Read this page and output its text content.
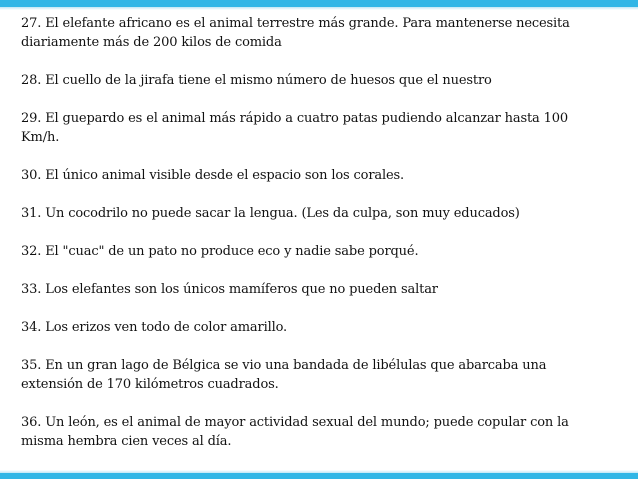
27. El elefante africano es el animal terrestre más grande. Para mantenerse necesita
diariamente más de 200 kilos de comida
28. El cuello de la jirafa tiene el mismo número de huesos que el nuestro
29. El guepardo es el animal más rápido a cuatro patas pudiendo alcanzar hasta 100
Km/h.
30. El único animal visible desde el espacio son los corales.
31. Un cocodrilo no puede sacar la lengua. (Les da culpa, son muy educados)
32. El "cuac" de un pato no produce eco y nadie sabe porqué.
33. Los elefantes son los únicos mamíferos que no pueden saltar
34. Los erizos ven todo de color amarillo.
35. En un gran lago de Bélgica se vio una bandada de libélulas que abarcaba una
extensión de 170 kilómetros cuadrados.
36. Un león, es el animal de mayor actividad sexual del mundo; puede copular con la
misma hembra cien veces al día.
